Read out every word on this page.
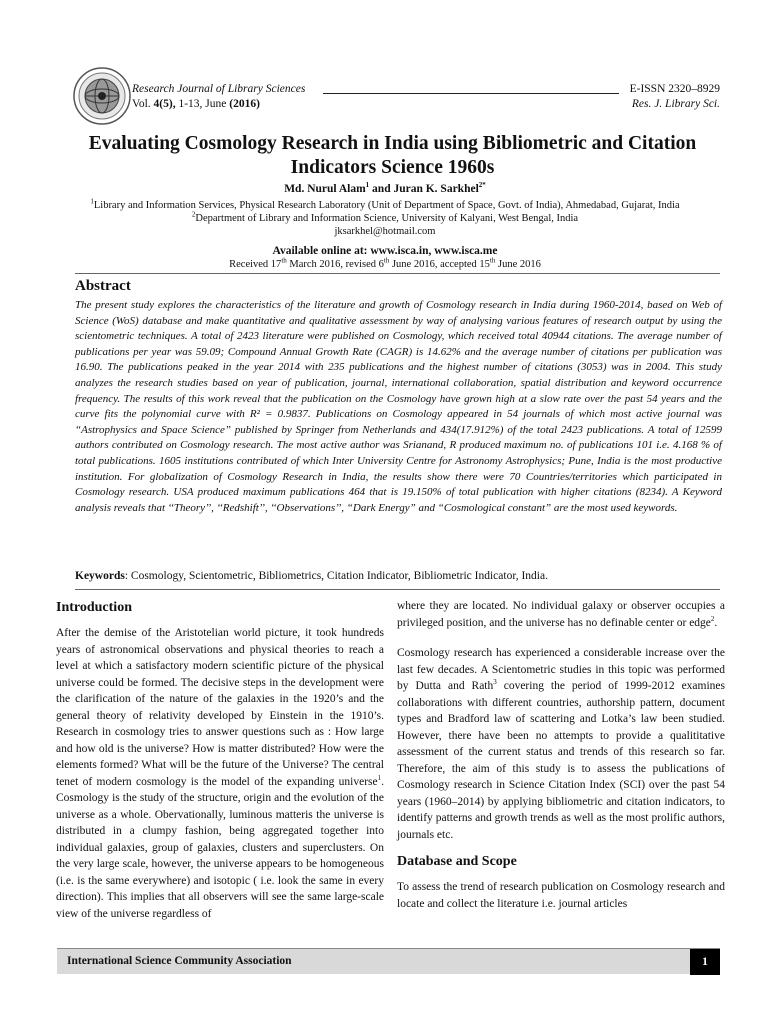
Research Journal of Library Sciences
Vol. 4(5), 1-13, June (2016)
E-ISSN 2320–8929
Res. J. Library Sci.
Evaluating Cosmology Research in India using Bibliometric and Citation Indicators Science 1960s
Md. Nurul Alam$^1$ and Juran K. Sarkhel$^{2*}$
$^1$Library and Information Services, Physical Research Laboratory (Unit of Department of Space, Govt. of India), Ahmedabad, Gujarat, India
$^2$Department of Library and Information Science, University of Kalyani, West Bengal, India
jksarkhel@hotmail.com
Available online at: www.isca.in, www.isca.me
Received 17th March 2016, revised 6th June 2016, accepted 15th June 2016
Abstract
The present study explores the characteristics of the literature and growth of Cosmology research in India during 1960-2014, based on Web of Science (WoS) database and make quantitative and qualitative assessment by way of analysing various features of research output by using the scientometric techniques. A total of 2423 literature were published on Cosmology, which received total 40944 citations. The average number of publications per year was 59.09; Compound Annual Growth Rate (CAGR) is 14.62% and the average number of citations per publication was 16.90. The publications peaked in the year 2014 with 235 publications and the highest number of citations (3053) was in 2004. This study analyzes the research studies based on year of publication, journal, international collaboration, spatial distribution and keyword occurrence frequency. The results of this work reveal that the publication on the Cosmology have grown high at a slow rate over the past 54 years and the curve fits the polynomial curve with R² = 0.9837. Publications on Cosmology appeared in 54 journals of which most active journal was “Astrophysics and Space Science” published by Springer from Netherlands and 434(17.912%) of the total 2423 publications. A total of 12599 authors contributed on Cosmology research. The most active author was Srianand, R produced maximum no. of publications 101 i.e. 4.168 % of total publications. 1605 institutions contributed of which Inter University Centre for Astronomy Astrophysics; Pune, India is the most productive institution. For globalization of Cosmology Research in India, the results show there were 70 Countries/territories which participated in Cosmology research. USA produced maximum publications 464 that is 19.150% of total publication with higher citations (8234). A Keyword analysis reveals that ‘‘Theory’’, ‘‘Redshift’’, ‘‘Observations’’, “Dark Energy” and “Cosmological constant” are the most used keywords.
Keywords: Cosmology, Scientometric, Bibliometrics, Citation Indicator, Bibliometric Indicator, India.
Introduction

After the demise of the Aristotelian world picture, it took hundreds years of astronomical observations and physical theories to reach a level at which a satisfactory modern scientific picture of the physical universe could be formed. The decisive steps in the development were the clarification of the nature of the galaxies in the 1920’s and the general theory of relativity developed by Einstein in the 1910’s. Research in cosmology tries to answer questions such as : How large and how old is the universe? How is matter distributed? How were the elements formed? What will be the future of the Universe? The central tenet of modern cosmology is the model of the expanding universe$^1$. Cosmology is the study of the structure, origin and the evolution of the universe as a whole. Obervationally, luminous matteris the universe is distributed in a clumpy fashion, being aggregated together into individual galaxies, group of galaxies, clusters and superclusters. On the very large scale, however, the universe appears to be homogeneous (i.e. is the same everywhere) and isotopic ( i.e. look the same in every direction). This implies that all observers will see the same large-scale view of the universe regardless of

where they are located. No individual galaxy or observer occupies a privileged position, and the universe has no definable center or edge$^2$.

Cosmology research has experienced a considerable increase over the last few decades. A Scientometric studies in this topic was performed by Dutta and Rath$^3$ covering the period of 1999-2012 examines collaborations with different countries, authorship pattern, document types and Bradford law of scattering and Lotka’s law been studied. However, there have been no attempts to provide a qualititative assessment of the current status and trends of this research so far. Therefore, the aim of this study is to assess the publications of Cosmology research in Science Citation Index (SCI) over the past 54 years (1960–2014) by applying bibliometric and citation indicators, to identify patterns and growth trends as well as the most prolific authors, journals etc.

Database and Scope

To assess the trend of research publication on Cosmology research and locate and collect the literature i.e. journal articles

International Science Community Association	1
